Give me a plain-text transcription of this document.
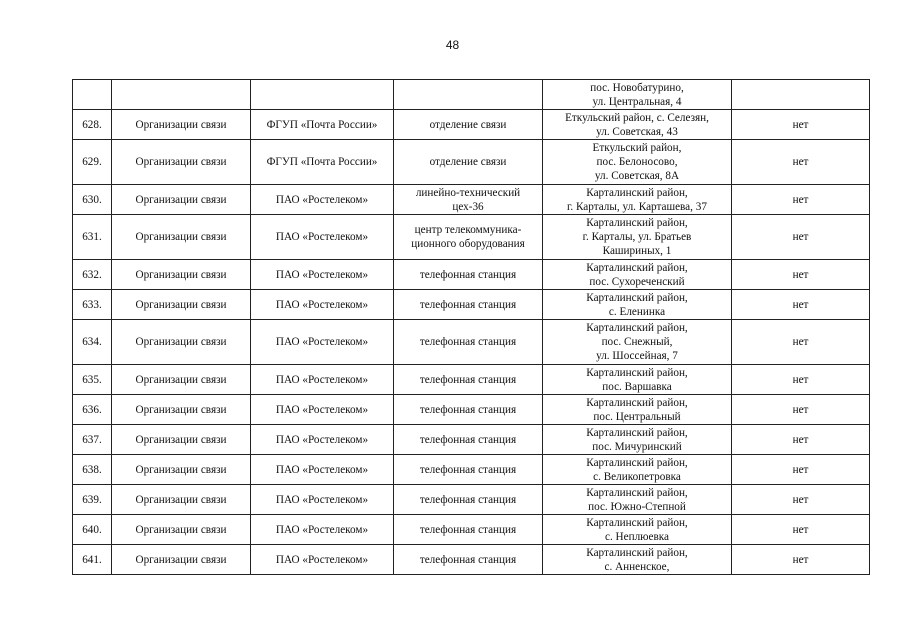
48
				пос. Новобатурино,
ул. Центральная, 4	
628.	Организации связи	ФГУП «Почта России»	отделение связи	Еткульский район, с. Селезян,
ул. Советская, 43	нет
629.	Организации связи	ФГУП «Почта России»	отделение связи	Еткульский район,
пос. Белоносово,
ул. Советская, 8А	нет
630.	Организации связи	ПАО «Ростелеком»	линейно-технический
цех-36	Карталинский район,
г. Карталы, ул. Карташева, 37	нет
631.	Организации связи	ПАО «Ростелеком»	центр телекоммуника-
ционного оборудования	Карталинский район,
г. Карталы, ул. Братьев
Кашириных, 1	нет
632.	Организации связи	ПАО «Ростелеком»	телефонная станция	Карталинский район,
пос. Сухореченский	нет
633.	Организации связи	ПАО «Ростелеком»	телефонная станция	Карталинский район,
с. Еленинка	нет
634.	Организации связи	ПАО «Ростелеком»	телефонная станция	Карталинский район,
пос. Снежный,
ул. Шоссейная, 7	нет
635.	Организации связи	ПАО «Ростелеком»	телефонная станция	Карталинский район,
пос. Варшавка	нет
636.	Организации связи	ПАО «Ростелеком»	телефонная станция	Карталинский район,
пос. Центральный	нет
637.	Организации связи	ПАО «Ростелеком»	телефонная станция	Карталинский район,
пос. Мичуринский	нет
638.	Организации связи	ПАО «Ростелеком»	телефонная станция	Карталинский район,
с. Великопетровка	нет
639.	Организации связи	ПАО «Ростелеком»	телефонная станция	Карталинский район,
пос. Южно-Степной	нет
640.	Организации связи	ПАО «Ростелеком»	телефонная станция	Карталинский район,
с. Неплюевка	нет
641.	Организации связи	ПАО «Ростелеком»	телефонная станция	Карталинский район,
с. Анненское,	нет
